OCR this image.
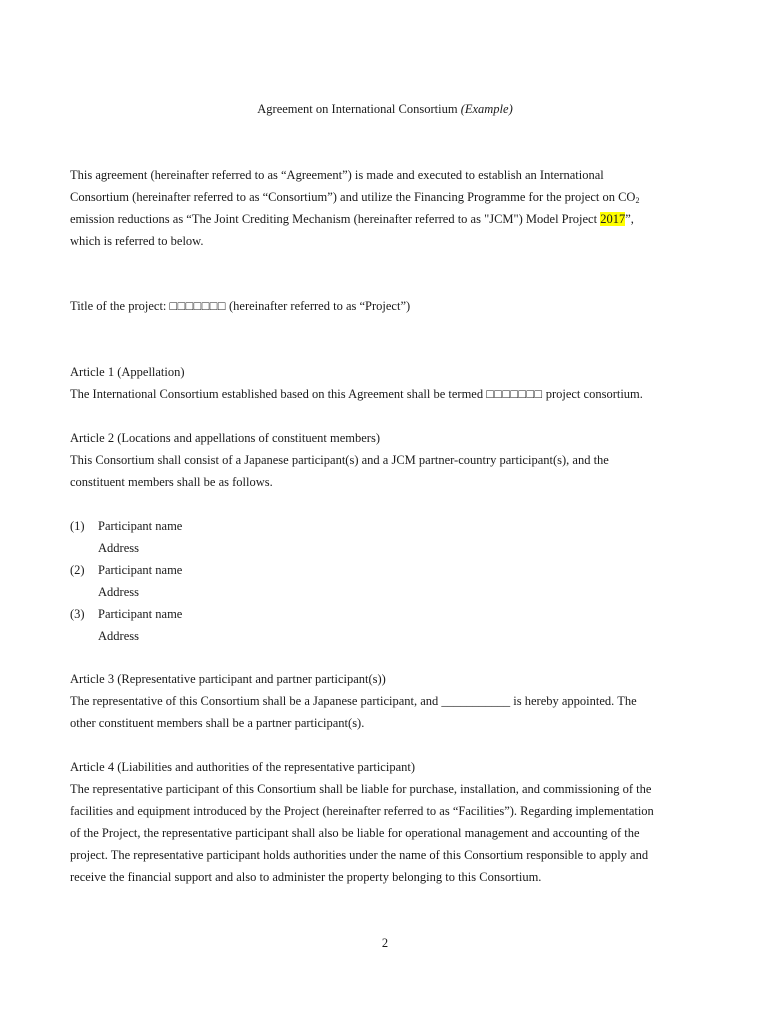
Agreement on International Consortium (Example)
This agreement (hereinafter referred to as “Agreement”) is made and executed to establish an International
Consortium (hereinafter referred to as “Consortium”) and utilize the Financing Programme for the project on $CO_2$
emission reductions as “The Joint Crediting Mechanism (hereinafter referred to as "JCM") Model Project 2017”,
which is referred to below.
Title of the project: □□□□□□□ (hereinafter referred to as “Project”)
Article 1 (Appellation)
The International Consortium established based on this Agreement shall be termed □□□□□□□ project consortium.
Article 2 (Locations and appellations of constituent members)
This Consortium shall consist of a Japanese participant(s) and a JCM partner-country participant(s), and the
constituent members shall be as follows.
(1) Participant name
Address
(2) Participant name
Address
(3) Participant name
Address
Article 3 (Representative participant and partner participant(s))
The representative of this Consortium shall be a Japanese participant, and ___________ is hereby appointed. The
other constituent members shall be a partner participant(s).
Article 4 (Liabilities and authorities of the representative participant)
The representative participant of this Consortium shall be liable for purchase, installation, and commissioning of the
facilities and equipment introduced by the Project (hereinafter referred to as “Facilities”). Regarding implementation
of the Project, the representative participant shall also be liable for operational management and accounting of the
project. The representative participant holds authorities under the name of this Consortium responsible to apply and
receive the financial support and also to administer the property belonging to this Consortium.
2
